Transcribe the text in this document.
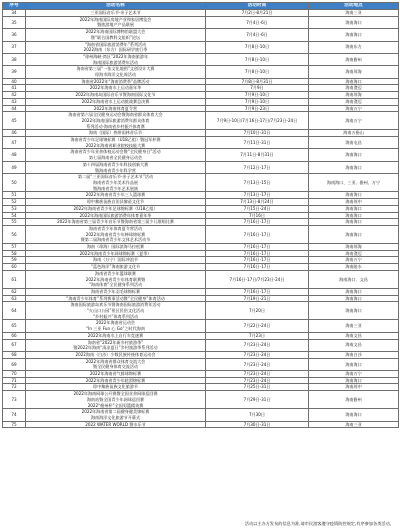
序号	活动名称	活动时间	活动地点
34	三亚国际音乐节·亲子艺术节	7月2日-8月21日	海南三亚
35	2022年海南国际房地产业和家居博览会
暨旅游地产产品联展	7月4日-6日	海南海口
36	2022年海南国际博物馆联盟大会
暨“联合国教科文组织”论坛	7月4日-6日	海南海口
37	“海南省国际旅游消费年”系列活动
2022海南（东方）国际研学旅行季	7月8日-10日	海南东方
38	“琼州海峡·湾区”2022年海南旅游年
海南国际旅游消费年活动	7月8日-10日	海南儋州
39	海南省第三届“一张文化地图”文创设计大赛
琼海市海洋文化周活动	7月8日-10日	海南琼海
40	海南省2022年“海南消费季”品牌活动	7月8日-8月31日	海南海口
41	2022年海南水上运动嘉年华	7月9日	海南澄迈
42	2022年海南岛国际音乐节暨海南国际文化节	7月9日-10日	海南琼海
43	2022年海南省水上运动挑战赛总决赛	7月9日-10日	海南澄迈
44	2022年海南体育夏令营	7月9日-23日	海南万宁
45	海南省第六届全民健身运动会暨海南省群众体育大会
2022年海南国际旅游消费年群众体育
系列活动·海南省乡村振兴体育赛	7月9日-10日/7月16日-17日/7月23日-24日	海南万宁
46	海南（国际）热带雨林音乐节	7月10日-31日	海南五指山
47	海南省青少年足球锦标赛（U18乙组）暨冠军杯赛
2022年海南省职业院校技能大赛	7月11日-31日	海南屯昌
48	海南省青少年业余体校运动会暨“全民健身日”活动
第七届海南省全民健身运动会	7月11日-8月31日	海南海口
49	第十四届海南省青少年科技创新大赛
暨海南省青少年科学营	7月12日-17日	海南海口
50	第二届“三亚国际音乐节·亲子艺术节”活动
海南省青少年美术作品展
暨海南省青少年艺术展演	7月13日-15日	海南海口、三亚、儋州、万宁
51	2022年海南省青少年三人篮球赛	7月13日-17日	海南海口
52	琼中黎族苗族自治县黎苗文化节	7月13日-8月24日	海南琼中
53	2022年海南省青少年足球锦标赛（U18乙组）	7月15日-24日	海南海口
54	2022年海南国际旅游消费年体育嘉年华	7月16日	海南海口
55	2022年海南省第三届青少年音乐节暨海南省第三届少儿歌唱比赛	7月16日-17日	海南海口
56	海南省青少年体育夏令营活动
2022年海南省青少年棒球锦标赛
暨第二届海南省青少年文体艺术活动节	7月16日-17日	海南海口
57	海南（琼海）国际滨海马拉松赛	7月16日-17日	海南琼海
58	2022年海南青少年网球锦标赛（夏季）	7月16日-17日	海南澄迈
59	海南（万宁）国际冲浪节	7月16日-17日	海南万宁
60	“蓝色海洋”海南旅游文化节	7月16日-17日	海南陵水
61	海南省青少年篮球联赛
2022年海南省青少年体育联赛暨
“海南体育”全民健身系列活动	7月16日-17日/7月23日-24日	海南海口、文昌
62	海南省青少年羽毛球锦标赛	7月16日-17日	海南海口
63	“海南青少年体育”系列赛事活动暨“全民健身”体育活动	7月19日-21日	海南海口
64	海南国际旅游岛欢乐节暨海南国际旅游消费年活动
“火山口公园”景区民俗文化活动
“乡村振兴”体育系列活动	7月20日	海南海口
65	2022年海南省运动会
“In 三亚 Fun 心 Go”之时代海南	7月22日-24日	海南三亚
66	2022年海南水上自行车竞速赛	7月23日	海南文昌
67	海南省“2022年新乡村旅游季”
暨2022年海南“清凉夏日”乡村旅游季系列活动	7月23日-24日	海南文昌
68	2022海南（白沙）少数民族传统体育运动会	7月23日-24日	海南白沙
69	2022年海南省群众体育交流大会
暨全民健身体育交流活动	7月23日-24日	海南海口
70	2022年海南省气排球锦标赛	7月23日-24日	海南万宁
71	2022年海南省青少年轮滑锦标赛	7月23日-24日	海南海口
72	琼中黎族苗族文化旅游节	7月25日-31日	海南琼中
73	2022年海南网球公开赛暨全国业余网球巡回赛
海南站暨全国青少年网球巡回赛
2022“儋州杯”全国男篮精英赛	7月29日-31日	海南儋州
74	2022年海南省第二届健身健美锦标赛
海南海洋文化旅游节开幕式	7月30日	海南海口
75	2022 WATER WORLD 暨水乐节	7月30日-31日	海南三亚
活动以主办方发布的信息为准,请市民游客遵守疫情防控规定,有序参加各类活动。
